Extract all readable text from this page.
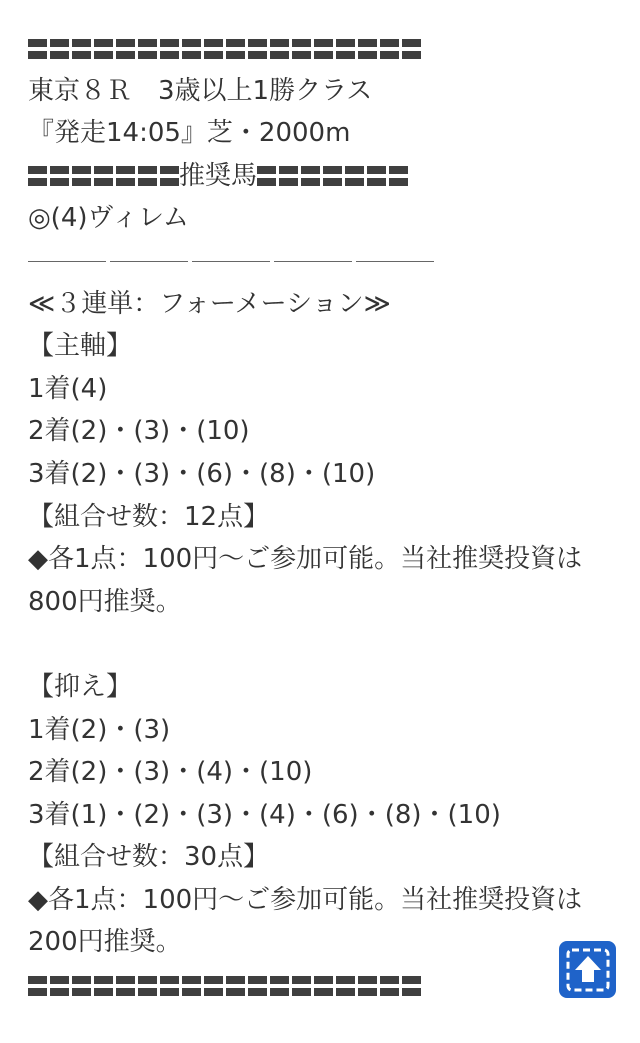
東京８Ｒ　3歳以上1勝クラス
『発走14:05』芝・2000m
推奨馬
◎(4)ヴィレム
≪３連単：フォーメーション≫
【主軸】
1着(4)
2着(2)・(3)・(10)
3着(2)・(3)・(6)・(8)・(10)
【組合せ数：12点】
◆各1点：100円〜ご参加可能。当社推奨投資は
800円推奨。
【抑え】
1着(2)・(3)
2着(2)・(3)・(4)・(10)
3着(1)・(2)・(3)・(4)・(6)・(8)・(10)
【組合せ数：30点】
◆各1点：100円〜ご参加可能。当社推奨投資は
200円推奨。
